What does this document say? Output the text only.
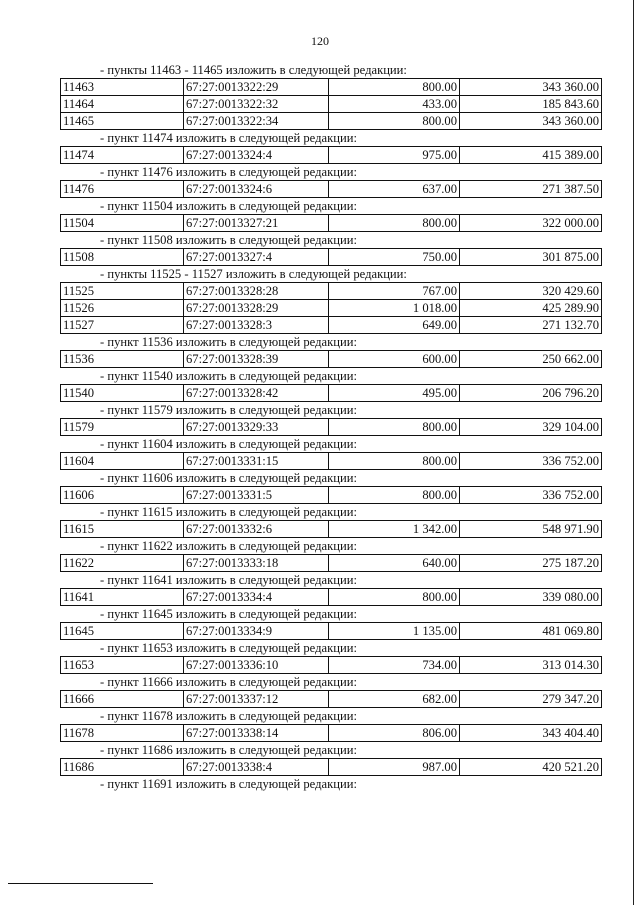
120
- пункты 11463 - 11465 изложить в следующей редакции:
11463	67:27:0013322:29	800.00	343 360.00
11464	67:27:0013322:32	433.00	185 843.60
11465	67:27:0013322:34	800.00	343 360.00
- пункт 11474 изложить в следующей редакции:
11474	67:27:0013324:4	975.00	415 389.00
- пункт 11476 изложить в следующей редакции:
11476	67:27:0013324:6	637.00	271 387.50
- пункт 11504 изложить в следующей редакции:
11504	67:27:0013327:21	800.00	322 000.00
- пункт 11508 изложить в следующей редакции:
11508	67:27:0013327:4	750.00	301 875.00
- пункты 11525 - 11527 изложить в следующей редакции:
11525	67:27:0013328:28	767.00	320 429.60
11526	67:27:0013328:29	1 018.00	425 289.90
11527	67:27:0013328:3	649.00	271 132.70
- пункт 11536 изложить в следующей редакции:
11536	67:27:0013328:39	600.00	250 662.00
- пункт 11540 изложить в следующей редакции:
11540	67:27:0013328:42	495.00	206 796.20
- пункт 11579 изложить в следующей редакции:
11579	67:27:0013329:33	800.00	329 104.00
- пункт 11604 изложить в следующей редакции:
11604	67:27:0013331:15	800.00	336 752.00
- пункт 11606 изложить в следующей редакции:
11606	67:27:0013331:5	800.00	336 752.00
- пункт 11615 изложить в следующей редакции:
11615	67:27:0013332:6	1 342.00	548 971.90
- пункт 11622 изложить в следующей редакции:
11622	67:27:0013333:18	640.00	275 187.20
- пункт 11641 изложить в следующей редакции:
11641	67:27:0013334:4	800.00	339 080.00
- пункт 11645 изложить в следующей редакции:
11645	67:27:0013334:9	1 135.00	481 069.80
- пункт 11653 изложить в следующей редакции:
11653	67:27:0013336:10	734.00	313 014.30
- пункт 11666 изложить в следующей редакции:
11666	67:27:0013337:12	682.00	279 347.20
- пункт 11678 изложить в следующей редакции:
11678	67:27:0013338:14	806.00	343 404.40
- пункт 11686 изложить в следующей редакции:
11686	67:27:0013338:4	987.00	420 521.20
- пункт 11691 изложить в следующей редакции:
